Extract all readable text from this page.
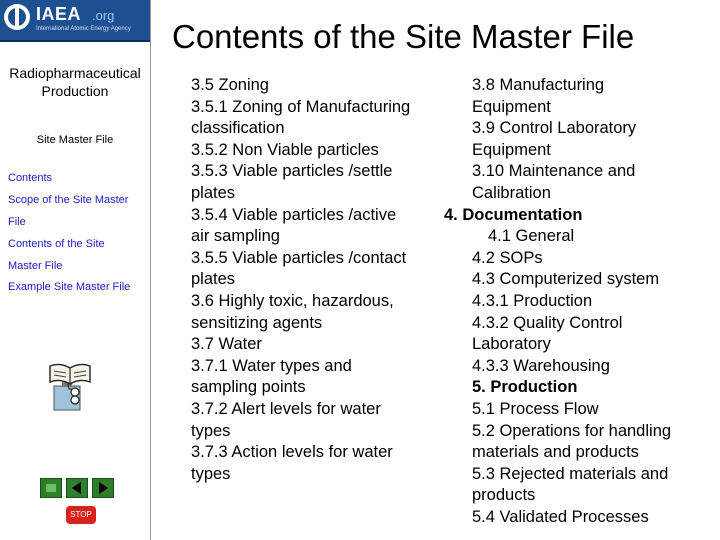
IAEA .org
International Atomic Energy Agency
Radiopharmaceutical
Production
Site Master File
Contents
Scope of the Site Master
File
Contents of the Site
Master File
Example Site Master File
STOP
Contents of the Site Master File
3.5 Zoning
3.5.1 Zoning of Manufacturing
classification
3.5.2 Non Viable particles
3.5.3 Viable particles /settle
plates
3.5.4 Viable particles /active
air sampling
3.5.5 Viable particles /contact
plates
3.6 Highly toxic, hazardous,
sensitizing agents
3.7 Water
3.7.1 Water types and
sampling points
3.7.2 Alert levels for water
types
3.7.3 Action levels for water
types
3.8 Manufacturing
Equipment
3.9 Control Laboratory
Equipment
3.10 Maintenance and
Calibration
4. Documentation
4.1 General
4.2 SOPs
4.3 Computerized system
4.3.1 Production
4.3.2 Quality Control
Laboratory
4.3.3 Warehousing
5. Production
5.1 Process Flow
5.2 Operations for handling
materials and products
5.3 Rejected materials and
products
5.4 Validated Processes
